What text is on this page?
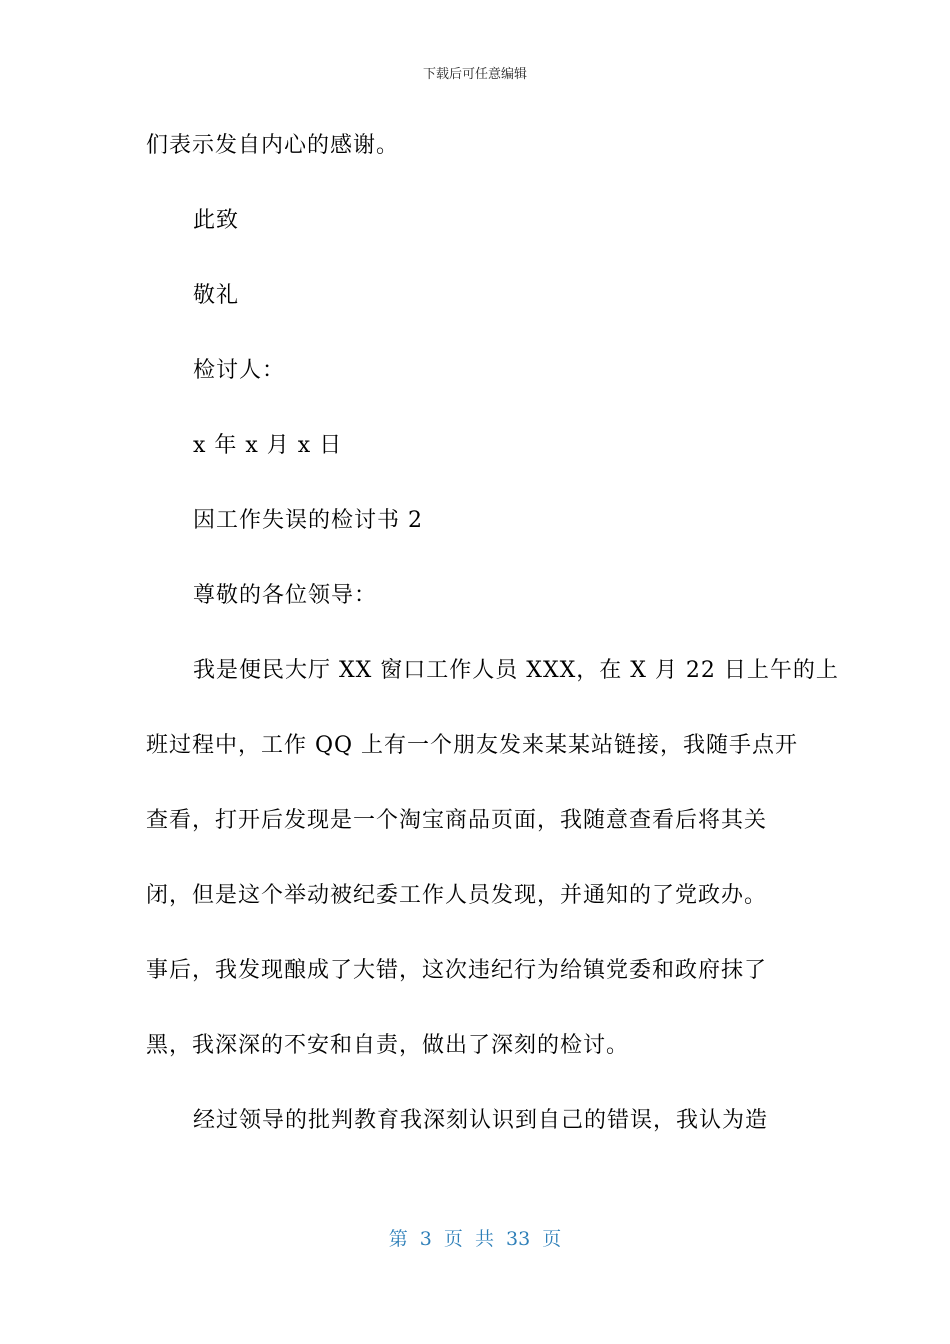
下载后可任意编辑
们表示发自内心的感谢。
此致
敬礼
检讨人：
x 年 x 月 x 日
因工作失误的检讨书 2
尊敬的各位领导：
我是便民大厅 XX 窗口工作人员 XXX，在 X 月 22 日上午的上
班过程中，工作 QQ 上有一个朋友发来某某站链接，我随手点开
查看，打开后发现是一个淘宝商品页面，我随意查看后将其关
闭，但是这个举动被纪委工作人员发现，并通知的了党政办。
事后，我发现酿成了大错，这次违纪行为给镇党委和政府抹了
黑，我深深的不安和自责，做出了深刻的检讨。
经过领导的批判教育我深刻认识到自己的错误，我认为造
第 3 页 共 33 页
